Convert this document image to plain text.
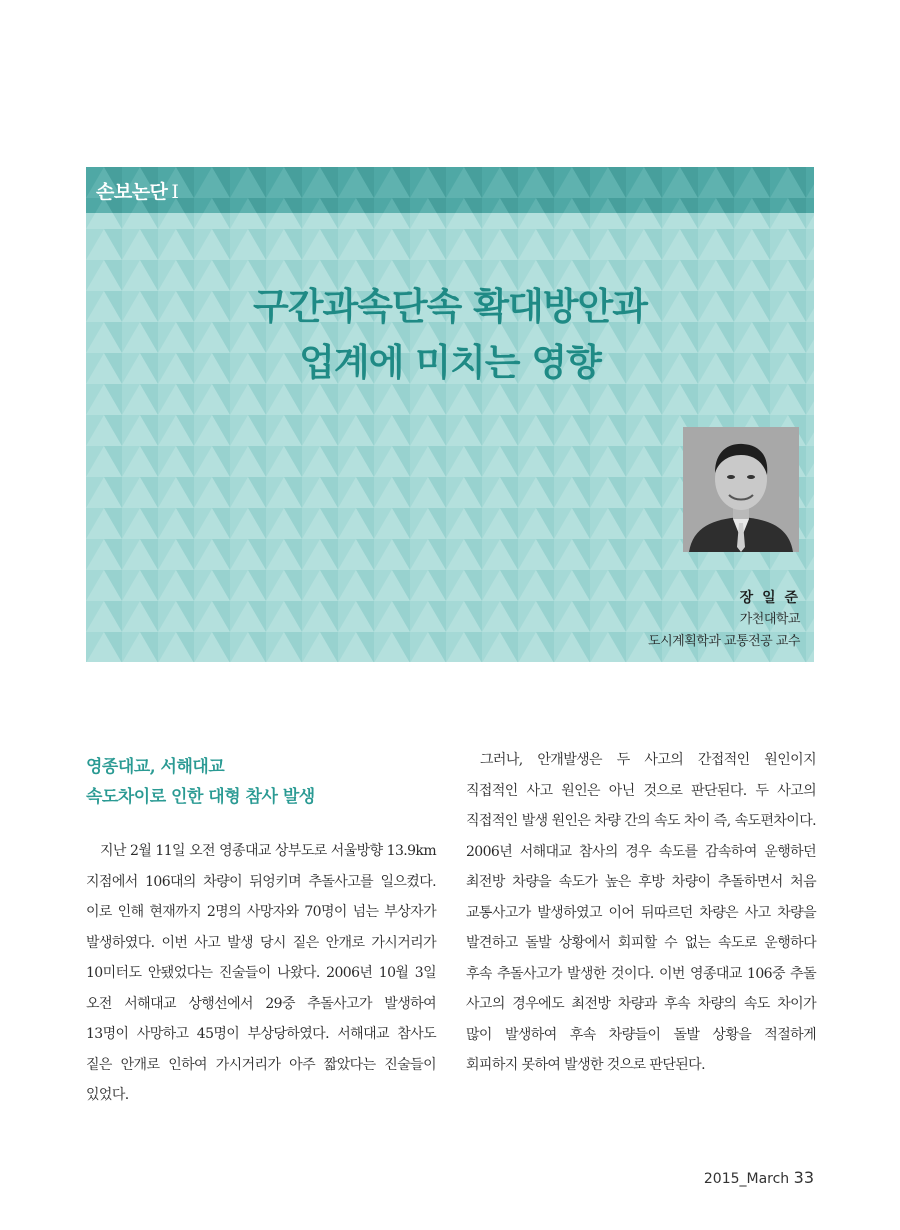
손보논단 I
구간과속단속 확대방안과
업계에 미치는 영향
장 일 준
가천대학교
도시계획학과 교통전공 교수
영종대교, 서해대교
속도차이로 인한 대형 참사 발생

지난 2월 11일 오전 영종대교 상부도로 서울방향 13.9km 지점에서 106대의 차량이 뒤엉키며 추돌사고를 일으켰다. 이로 인해 현재까지 2명의 사망자와 70명이 넘는 부상자가 발생하였다. 이번 사고 발생 당시 짙은 안개로 가시거리가 10미터도 안됐었다는 진술들이 나왔다. 2006년 10월 3일 오전 서해대교 상행선에서 29중 추돌사고가 발생하여 13명이 사망하고 45명이 부상당하였다. 서해대교 참사도 짙은 안개로 인하여 가시거리가 아주 짧았다는 진술들이 있었다.

그러나, 안개발생은 두 사고의 간접적인 원인이지 직접적인 사고 원인은 아닌 것으로 판단된다. 두 사고의 직접적인 발생 원인은 차량 간의 속도 차이 즉, 속도편차이다. 2006년 서해대교 참사의 경우 속도를 감속하여 운행하던 최전방 차량을 속도가 높은 후방 차량이 추돌하면서 처음 교통사고가 발생하였고 이어 뒤따르던 차량은 사고 차량을 발견하고 돌발 상황에서 회피할 수 없는 속도로 운행하다 후속 추돌사고가 발생한 것이다. 이번 영종대교 106중 추돌 사고의 경우에도 최전방 차량과 후속 차량의 속도 차이가 많이 발생하여 후속 차량들이 돌발 상황을 적절하게 회피하지 못하여 발생한 것으로 판단된다.

2015_March 33
